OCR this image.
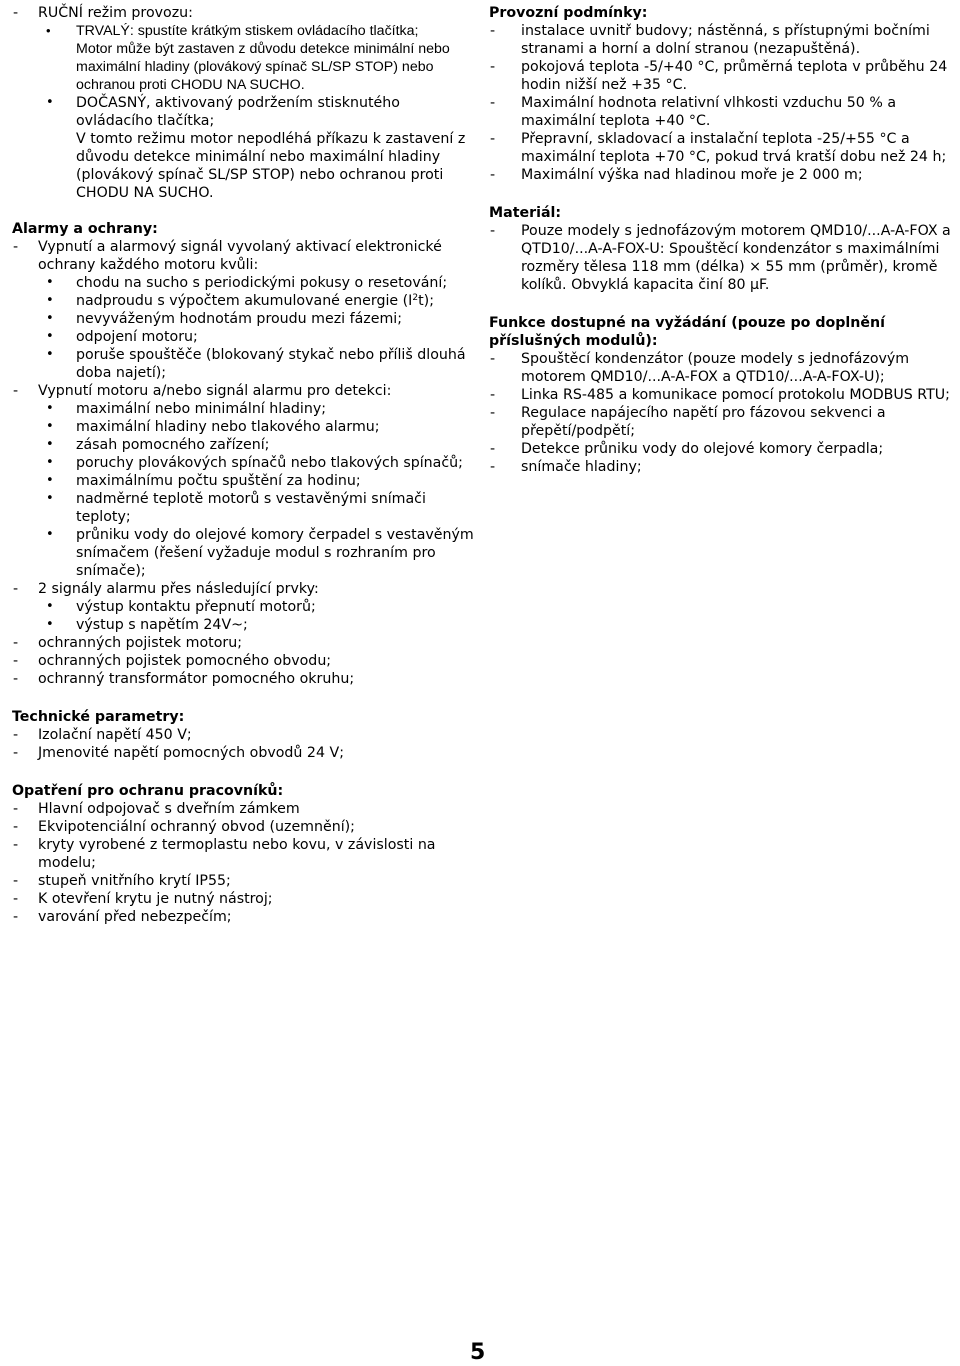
- RUČNÍ režim provozu:
• TRVALÝ: spustíte krátkým stiskem ovládacího tlačítka;
Motor může být zastaven z důvodu detekce minimální nebo maximální hladiny (plovákový spínač SL/SP STOP) nebo ochranou proti CHODU NA SUCHO.
• DOČASNÝ, aktivovaný podržením stisknutého ovládacího tlačítka;
V tomto režimu motor nepodléhá příkazu k zastavení z důvodu detekce minimální nebo maximální hladiny (plovákový spínač SL/SP STOP) nebo ochranou proti CHODU NA SUCHO.
Alarmy a ochrany:
- Vypnutí a alarmový signál vyvolaný aktivací elektronické ochrany každého motoru kvůli:
• chodu na sucho s periodickými pokusy o resetování;
• nadproudu s výpočtem akumulované energie $(I^2t)$;
• nevyváženým hodnotám proudu mezi fázemi;
• odpojení motoru;
• poruše spouštěče (blokovaný stykač nebo příliš dlouhá doba najetí);
- Vypnutí motoru a/nebo signál alarmu pro detekci:
• maximální nebo minimální hladiny;
• maximální hladiny nebo tlakového alarmu;
• zásah pomocného zařízení;
• poruchy plovákových spínačů nebo tlakových spínačů;
• maximálnímu počtu spuštění za hodinu;
• nadměrné teplotě motorů s vestavěnými snímači teploty;
• průniku vody do olejové komory čerpadel s vestavěným snímačem (řešení vyžaduje modul s rozhraním pro snímače);
- 2 signály alarmu přes následující prvky:
• výstup kontaktu přepnutí motorů;
• výstup s napětím 24V~;
- ochranných pojistek motoru;
- ochranných pojistek pomocného obvodu;
- ochranný transformátor pomocného okruhu;
Technické parametry:
- Izolační napětí 450 V;
- Jmenovité napětí pomocných obvodů 24 V;
Opatření pro ochranu pracovníků:
- Hlavní odpojovač s dveřním zámkem
- Ekvipotenciální ochranný obvod (uzemnění);
- kryty vyrobené z termoplastu nebo kovu, v závislosti na modelu;
- stupeň vnitřního krytí IP55;
- K otevření krytu je nutný nástroj;
- varování před nebezpečím;
Provozní podmínky:
- instalace uvnitř budovy; nástěnná, s přístupnými bočními stranami a horní a dolní stranou (nezapuštěná).
- pokojová teplota -5/+40 °C, průměrná teplota v průběhu 24 hodin nižší než +35 °C.
- Maximální hodnota relativní vlhkosti vzduchu 50 % a maximální teplota +40 °C.
- Přepravní, skladovací a instalační teplota -25/+55 °C a maximální teplota +70 °C, pokud trvá kratší dobu než 24 h;
- Maximální výška nad hladinou moře je 2 000 m;
Materiál:
- Pouze modely s jednofázovým motorem QMD10/...A-A-FOX a QTD10/...A-A-FOX-U: Spouštěcí kondenzátor s maximálními rozměry tělesa 118 mm (délka) × 55 mm (průměr), kromě kolíků. Obvyklá kapacita činí 80 µF.
Funkce dostupné na vyžádání (pouze po doplnění příslušných modulů):
- Spouštěcí kondenzátor (pouze modely s jednofázovým motorem QMD10/...A-A-FOX a QTD10/...A-A-FOX-U);
- Linka RS-485 a komunikace pomocí protokolu MODBUS RTU;
- Regulace napájecího napětí pro fázovou sekvenci a přepětí/podpětí;
- Detekce průniku vody do olejové komory čerpadla;
- snímače hladiny;
5
